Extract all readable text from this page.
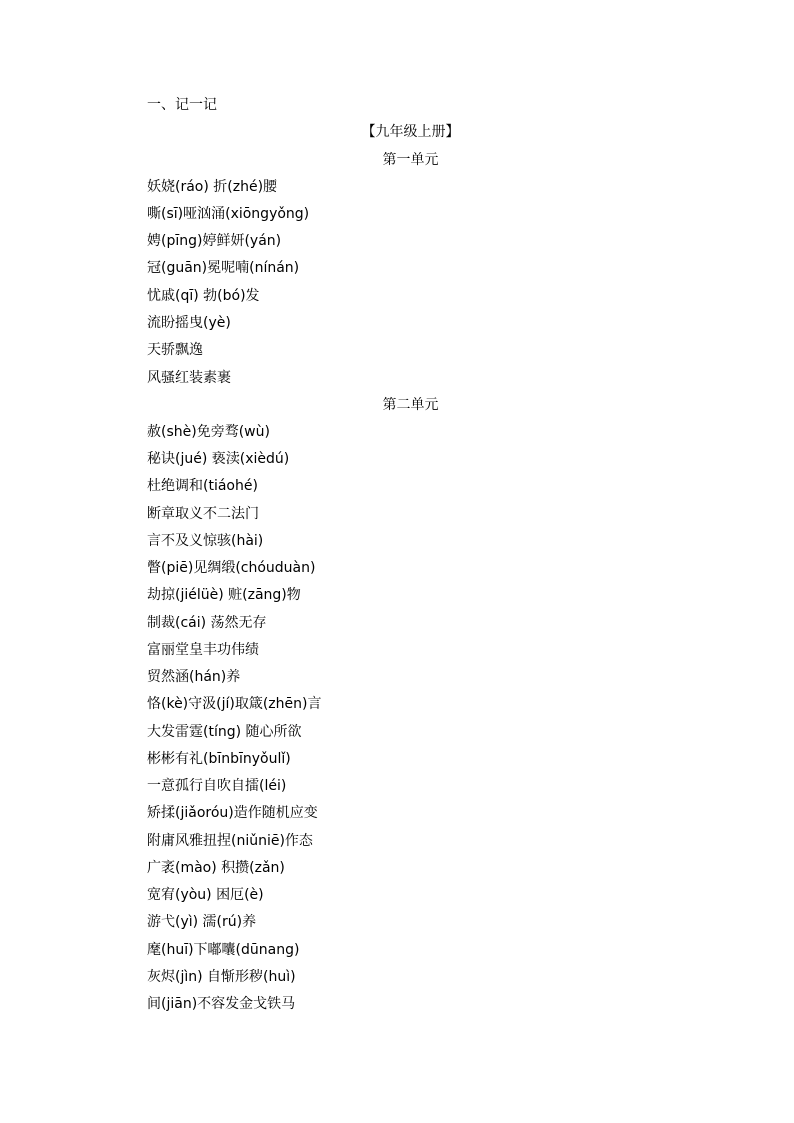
一、记一记
【九年级上册】
第一单元
妖娆(ráo) 折(zhé)腰
嘶(sī)哑汹涌(xiōngyǒng)
娉(pīng)婷鲜妍(yán)
冠(guān)冕呢喃(nínán)
忧戚(qī) 勃(bó)发
流盼摇曳(yè)
天骄飘逸
风骚红装素裹
第二单元
赦(shè)免旁骛(wù)
秘诀(jué) 亵渎(xièdú)
杜绝调和(tiáohé)
断章取义不二法门
言不及义惊骇(hài)
瞥(piē)见绸缎(chóuduàn)
劫掠(jiélüè) 赃(zāng)物
制裁(cái) 荡然无存
富丽堂皇丰功伟绩
贸然涵(hán)养
恪(kè)守汲(jí)取箴(zhēn)言
大发雷霆(tíng) 随心所欲
彬彬有礼(bīnbīnyǒulǐ)
一意孤行自吹自擂(léi)
矫揉(jiǎoróu)造作随机应变
附庸风雅扭捏(niǔniē)作态
广袤(mào) 积攒(zǎn)
宽宥(yòu) 困厄(è)
游弋(yì) 濡(rú)养
麾(huī)下嘟囔(dūnang)
灰烬(jìn) 自惭形秽(huì)
间(jiān)不容发金戈铁马
